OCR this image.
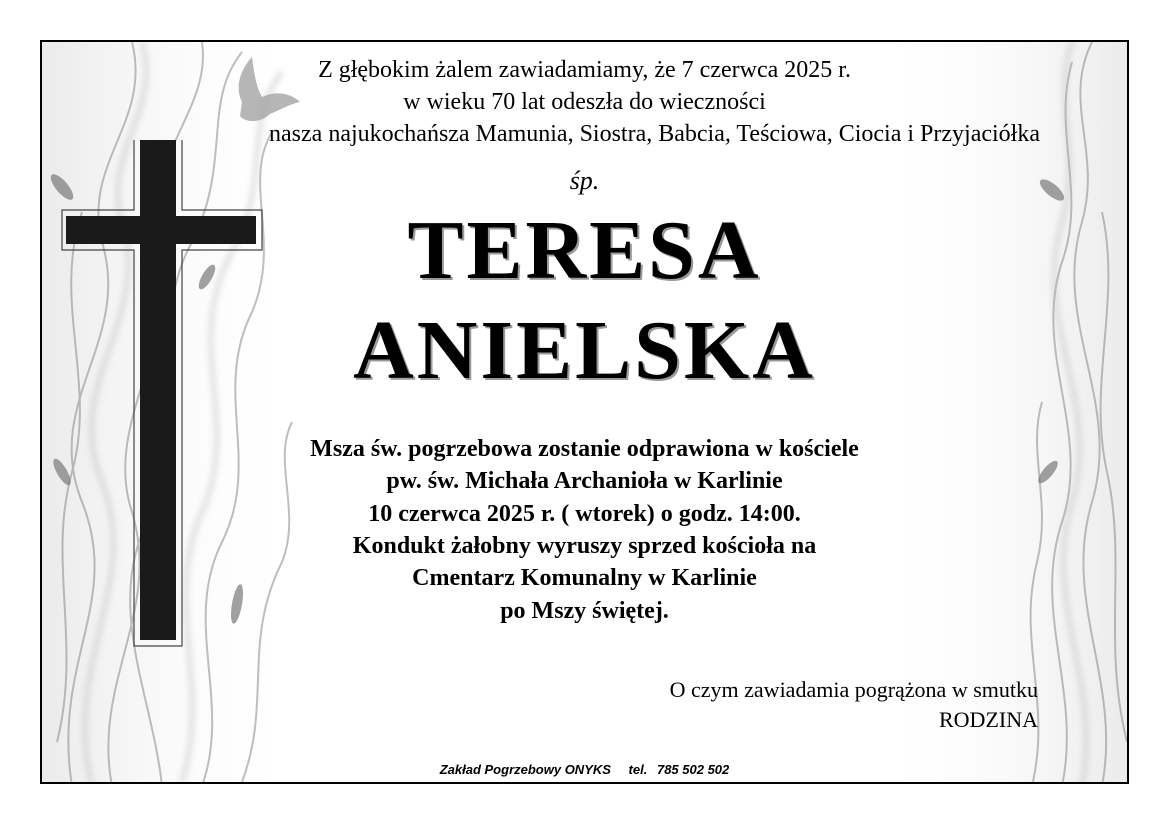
Z głębokim żalem zawiadamiamy, że 7 czerwca 2025 r.
w wieku 70 lat odeszła do wieczności
nasza najukochańsza Mamunia, Siostra, Babcia, Teściowa, Ciocia i Przyjaciółka
śp.
TERESA
ANIELSKA
Msza św. pogrzebowa zostanie odprawiona w kościele
pw. św. Michała Archanioła w Karlinie
10 czerwca 2025 r. ( wtorek) o godz. 14:00.
Kondukt żałobny wyruszy sprzed kościoła na
Cmentarz Komunalny w Karlinie
po Mszy świętej.
O czym zawiadamia pogrążona w smutku
RODZINA
Zakład Pogrzebowy ONYKS tel. 785 502 502
